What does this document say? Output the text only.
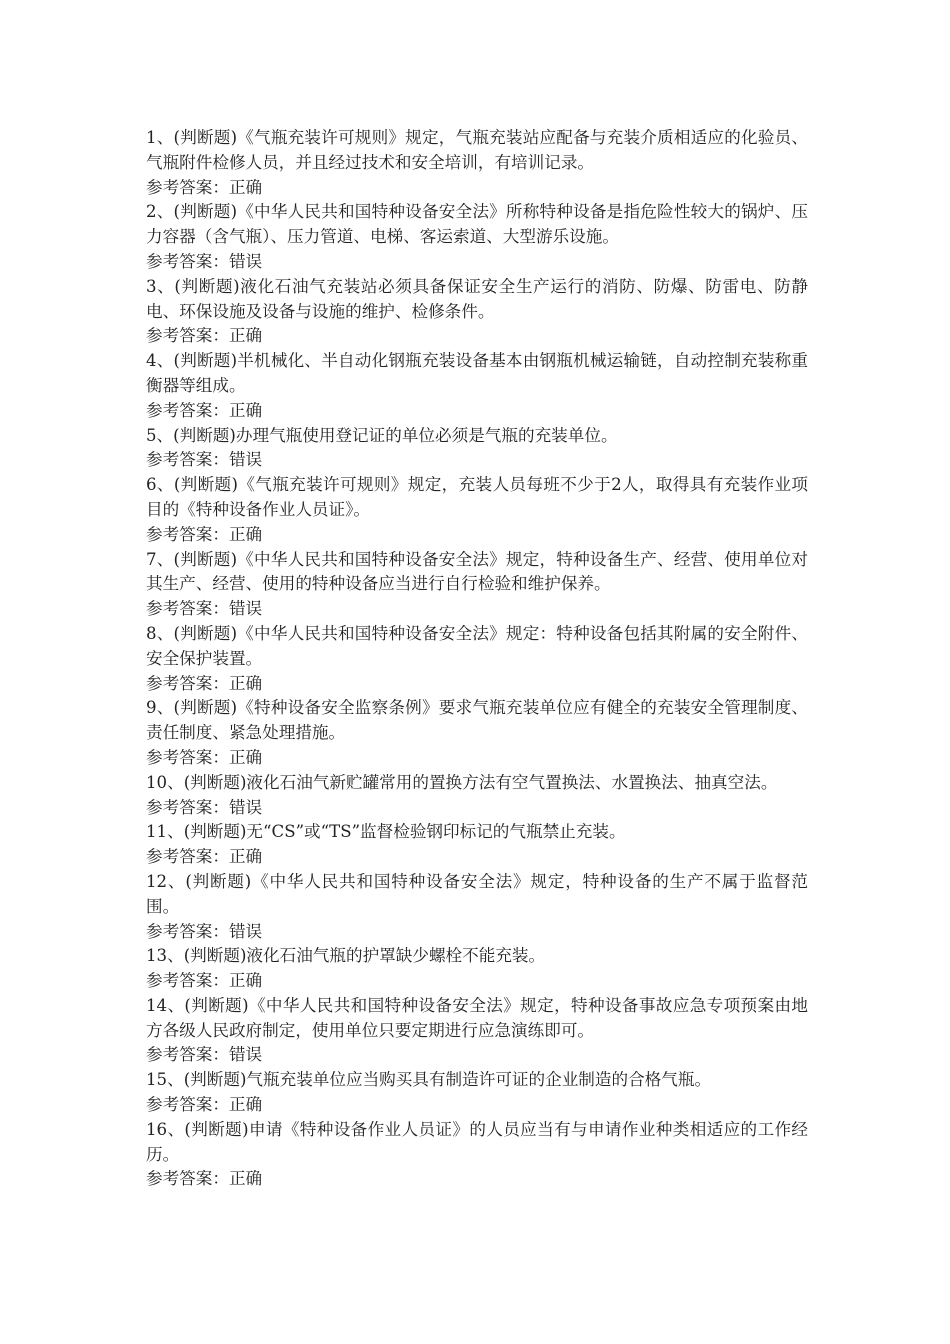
1、(判断题)《气瓶充装许可规则》规定，气瓶充装站应配备与充装介质相适应的化验员、气瓶附件检修人员，并且经过技术和安全培训，有培训记录。

参考答案：正确

2、(判断题)《中华人民共和国特种设备安全法》所称特种设备是指危险性较大的锅炉、压力容器（含气瓶）、压力管道、电梯、客运索道、大型游乐设施。

参考答案：错误

3、(判断题)液化石油气充装站必须具备保证安全生产运行的消防、防爆、防雷电、防静电、环保设施及设备与设施的维护、检修条件。

参考答案：正确

4、(判断题)半机械化、半自动化钢瓶充装设备基本由钢瓶机械运输链，自动控制充装称重衡器等组成。

参考答案：正确

5、(判断题)办理气瓶使用登记证的单位必须是气瓶的充装单位。

参考答案：错误

6、(判断题)《气瓶充装许可规则》规定，充装人员每班不少于2人，取得具有充装作业项目的《特种设备作业人员证》。

参考答案：正确

7、(判断题)《中华人民共和国特种设备安全法》规定，特种设备生产、经营、使用单位对其生产、经营、使用的特种设备应当进行自行检验和维护保养。

参考答案：错误

8、(判断题)《中华人民共和国特种设备安全法》规定：特种设备包括其附属的安全附件、安全保护装置。

参考答案：正确

9、(判断题)《特种设备安全监察条例》要求气瓶充装单位应有健全的充装安全管理制度、责任制度、紧急处理措施。

参考答案：正确

10、(判断题)液化石油气新贮罐常用的置换方法有空气置换法、水置换法、抽真空法。

参考答案：错误

11、(判断题)无“CS”或“TS”监督检验钢印标记的气瓶禁止充装。

参考答案：正确

12、(判断题)《中华人民共和国特种设备安全法》规定，特种设备的生产不属于监督范围。

参考答案：错误

13、(判断题)液化石油气瓶的护罩缺少螺栓不能充装。

参考答案：正确

14、(判断题)《中华人民共和国特种设备安全法》规定，特种设备事故应急专项预案由地方各级人民政府制定，使用单位只要定期进行应急演练即可。

参考答案：错误

15、(判断题)气瓶充装单位应当购买具有制造许可证的企业制造的合格气瓶。

参考答案：正确

16、(判断题)申请《特种设备作业人员证》的人员应当有与申请作业种类相适应的工作经历。

参考答案：正确
